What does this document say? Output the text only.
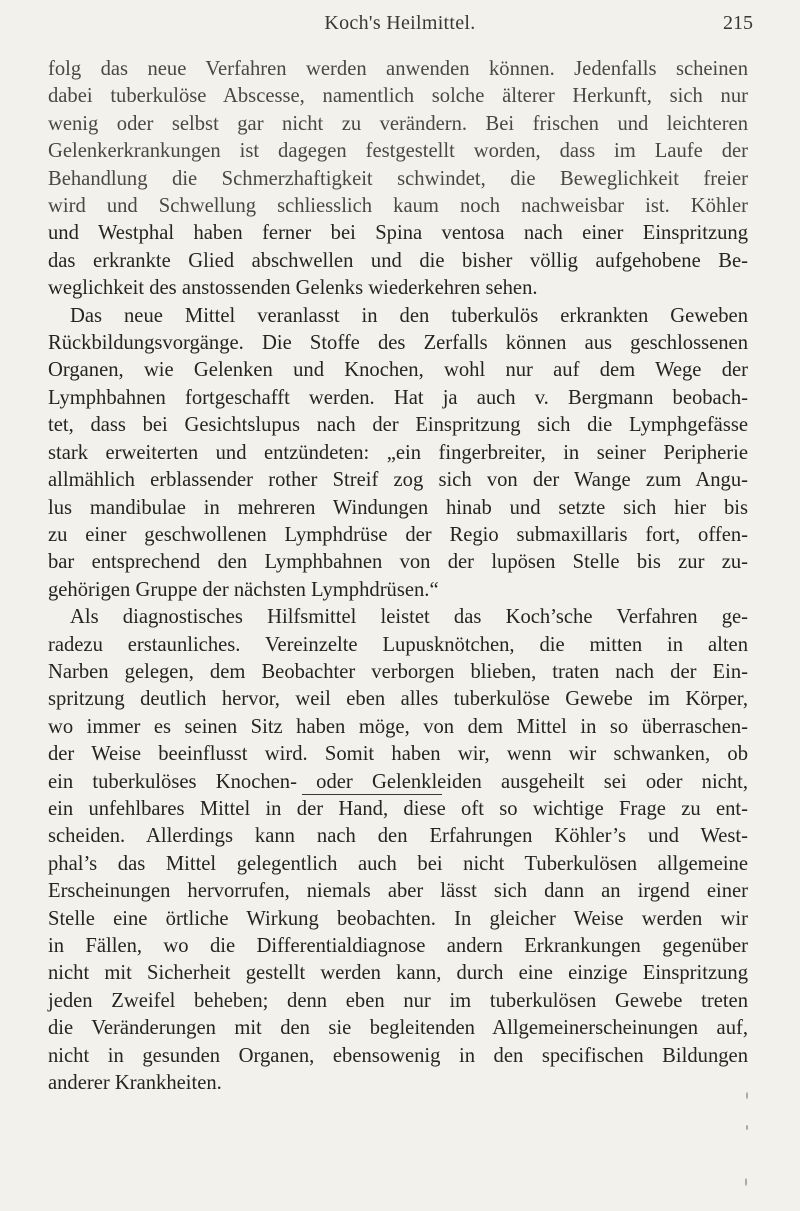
Koch's Heilmittel.	215
folg das neue Verfahren werden anwenden können. Jedenfalls scheinen
dabei tuberkulöse Abscesse, namentlich solche älterer Herkunft, sich nur
wenig oder selbst gar nicht zu verändern. Bei frischen und leichteren
Gelenkerkrankungen ist dagegen festgestellt worden, dass im Laufe der
Behandlung die Schmerzhaftigkeit schwindet, die Beweglichkeit freier
wird und Schwellung schliesslich kaum noch nachweisbar ist. Köhler
und Westphal haben ferner bei Spina ventosa nach einer Einspritzung
das erkrankte Glied abschwellen und die bisher völlig aufgehobene Be-
weglichkeit des anstossenden Gelenks wiederkehren sehen.
Das neue Mittel veranlasst in den tuberkulös erkrankten Geweben
Rückbildungsvorgänge. Die Stoffe des Zerfalls können aus geschlossenen
Organen, wie Gelenken und Knochen, wohl nur auf dem Wege der
Lymphbahnen fortgeschafft werden. Hat ja auch v. Bergmann beobach-
tet, dass bei Gesichtslupus nach der Einspritzung sich die Lymphgefässe
stark erweiterten und entzündeten: „ein fingerbreiter, in seiner Peripherie
allmählich erblassender rother Streif zog sich von der Wange zum Angu-
lus mandibulae in mehreren Windungen hinab und setzte sich hier bis
zu einer geschwollenen Lymphdrüse der Regio submaxillaris fort, offen-
bar entsprechend den Lymphbahnen von der lupösen Stelle bis zur zu-
gehörigen Gruppe der nächsten Lymphdrüsen.“
Als diagnostisches Hilfsmittel leistet das Koch’sche Verfahren ge-
radezu erstaunliches. Vereinzelte Lupusknötchen, die mitten in alten
Narben gelegen, dem Beobachter verborgen blieben, traten nach der Ein-
spritzung deutlich hervor, weil eben alles tuberkulöse Gewebe im Körper,
wo immer es seinen Sitz haben möge, von dem Mittel in so überraschen-
der Weise beeinflusst wird. Somit haben wir, wenn wir schwanken, ob
ein tuberkulöses Knochen- oder Gelenkleiden ausgeheilt sei oder nicht,
ein unfehlbares Mittel in der Hand, diese oft so wichtige Frage zu ent-
scheiden. Allerdings kann nach den Erfahrungen Köhler’s und West-
phal’s das Mittel gelegentlich auch bei nicht Tuberkulösen allgemeine
Erscheinungen hervorrufen, niemals aber lässt sich dann an irgend einer
Stelle eine örtliche Wirkung beobachten. In gleicher Weise werden wir
in Fällen, wo die Differentialdiagnose andern Erkrankungen gegenüber
nicht mit Sicherheit gestellt werden kann, durch eine einzige Einspritzung
jeden Zweifel beheben; denn eben nur im tuberkulösen Gewebe treten
die Veränderungen mit den sie begleitenden Allgemeinerscheinungen auf,
nicht in gesunden Organen, ebensowenig in den specifischen Bildungen
anderer Krankheiten.
